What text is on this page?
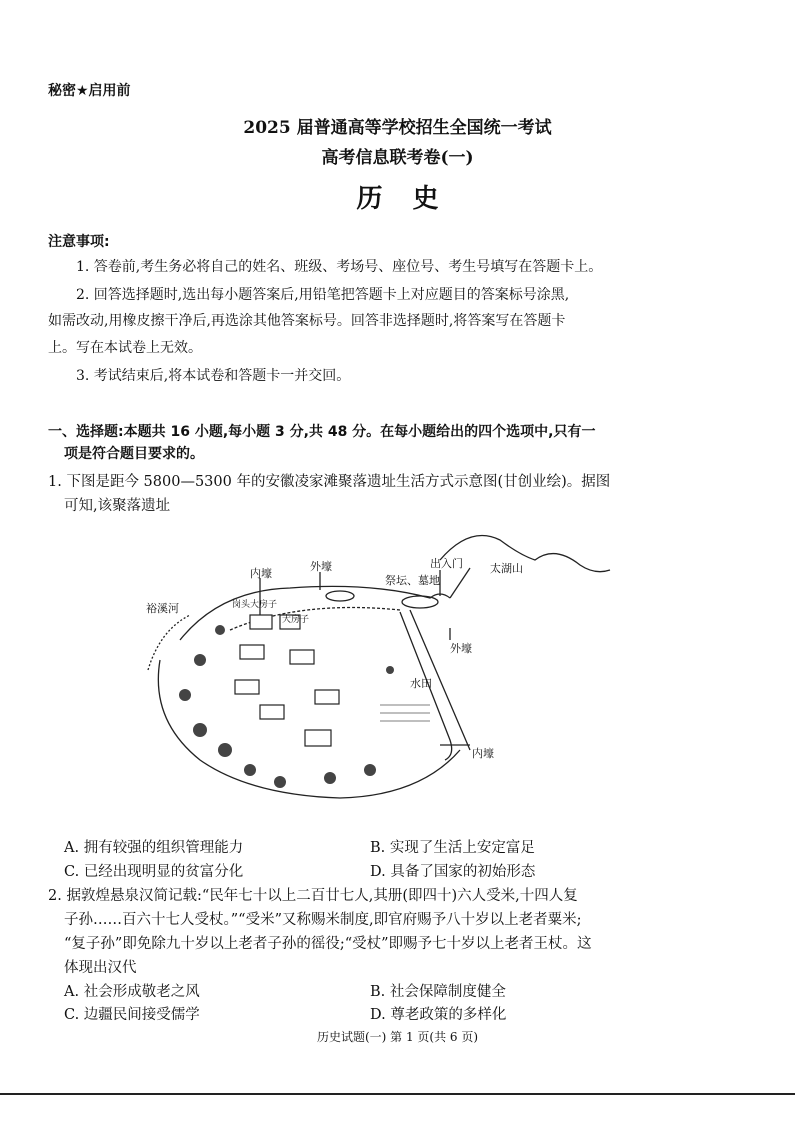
秘密★启用前
2025 届普通高等学校招生全国统一考试
高考信息联考卷(一)
历史
注意事项:
1. 答卷前,考生务必将自己的姓名、班级、考场号、座位号、考生号填写在答题卡上。
2. 回答选择题时,选出每小题答案后,用铅笔把答题卡上对应题目的答案标号涂黑,
如需改动,用橡皮擦干净后,再选涂其他答案标号。回答非选择题时,将答案写在答题卡
上。写在本试卷上无效。
3. 考试结束后,将本试卷和答题卡一并交回。
一、选择题:本题共 16 小题,每小题 3 分,共 48 分。在每小题给出的四个选项中,只有一
项是符合题目要求的。
1. 下图是距今 5800—5300 年的安徽凌家滩聚落遗址生活方式示意图(甘创业绘)。据图
可知,该聚落遗址
内壕
外壕	出入门
祭坛、墓地
太湖山
裕溪河	岗头大房子
大房子
外壕
水田
内壕
A. 拥有较强的组织管理能力	B. 实现了生活上安定富足
C. 已经出现明显的贫富分化	D. 具备了国家的初始形态
2. 据敦煌悬泉汉简记载:“民年七十以上二百廿七人,其册(即四十)六人受米,十四人复
子孙……百六十七人受杖。”“受米”又称赐米制度,即官府赐予八十岁以上老者粟米;
“复子孙”即免除九十岁以上老者子孙的徭役;“受杖”即赐予七十岁以上老者王杖。这
体现出汉代
A. 社会形成敬老之风	B. 社会保障制度健全
C. 边疆民间接受儒学	D. 尊老政策的多样化
历史试题(一) 第 1 页(共 6 页)
